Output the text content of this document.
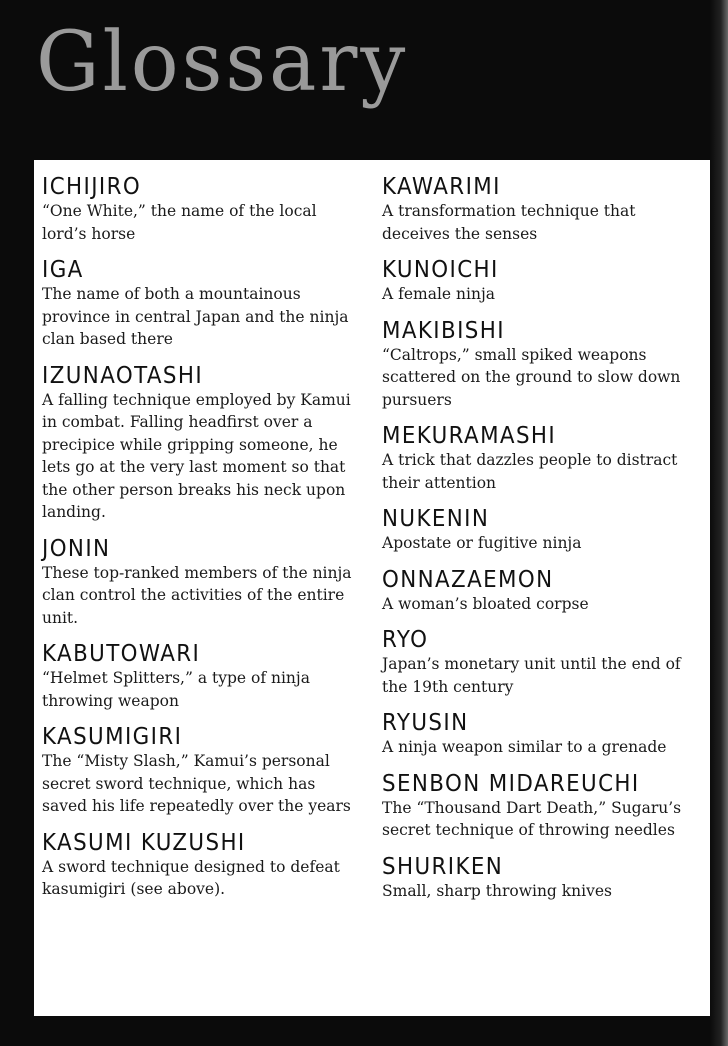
Glossary
ICHIJIRO
“One White,” the name of the local lord’s horse
IGA
The name of both a mountainous province in central Japan and the ninja clan based there
IZUNAOTASHI
A falling technique employed by Kamui in combat. Falling headfirst over a precipice while gripping someone, he lets go at the very last moment so that the other person breaks his neck upon landing.
JONIN
These top-ranked members of the ninja clan control the activities of the entire unit.
KABUTOWARI
“Helmet Splitters,” a type of ninja throwing weapon
KASUMIGIRI
The “Misty Slash,” Kamui’s personal secret sword technique, which has saved his life repeatedly over the years
KASUMI KUZUSHI
A sword technique designed to defeat kasumigiri (see above).
KAWARIMI
A transformation technique that deceives the senses
KUNOICHI
A female ninja
MAKIBISHI
“Caltrops,” small spiked weapons scattered on the ground to slow down pursuers
MEKURAMASHI
A trick that dazzles people to distract their attention
NUKENIN
Apostate or fugitive ninja
ONNAZAEMON
A woman’s bloated corpse
RYO
Japan’s monetary unit until the end of the 19th century
RYUSIN
A ninja weapon similar to a grenade
SENBON MIDAREUCHI
The “Thousand Dart Death,” Sugaru’s secret technique of throwing needles
SHURIKEN
Small, sharp throwing knives
